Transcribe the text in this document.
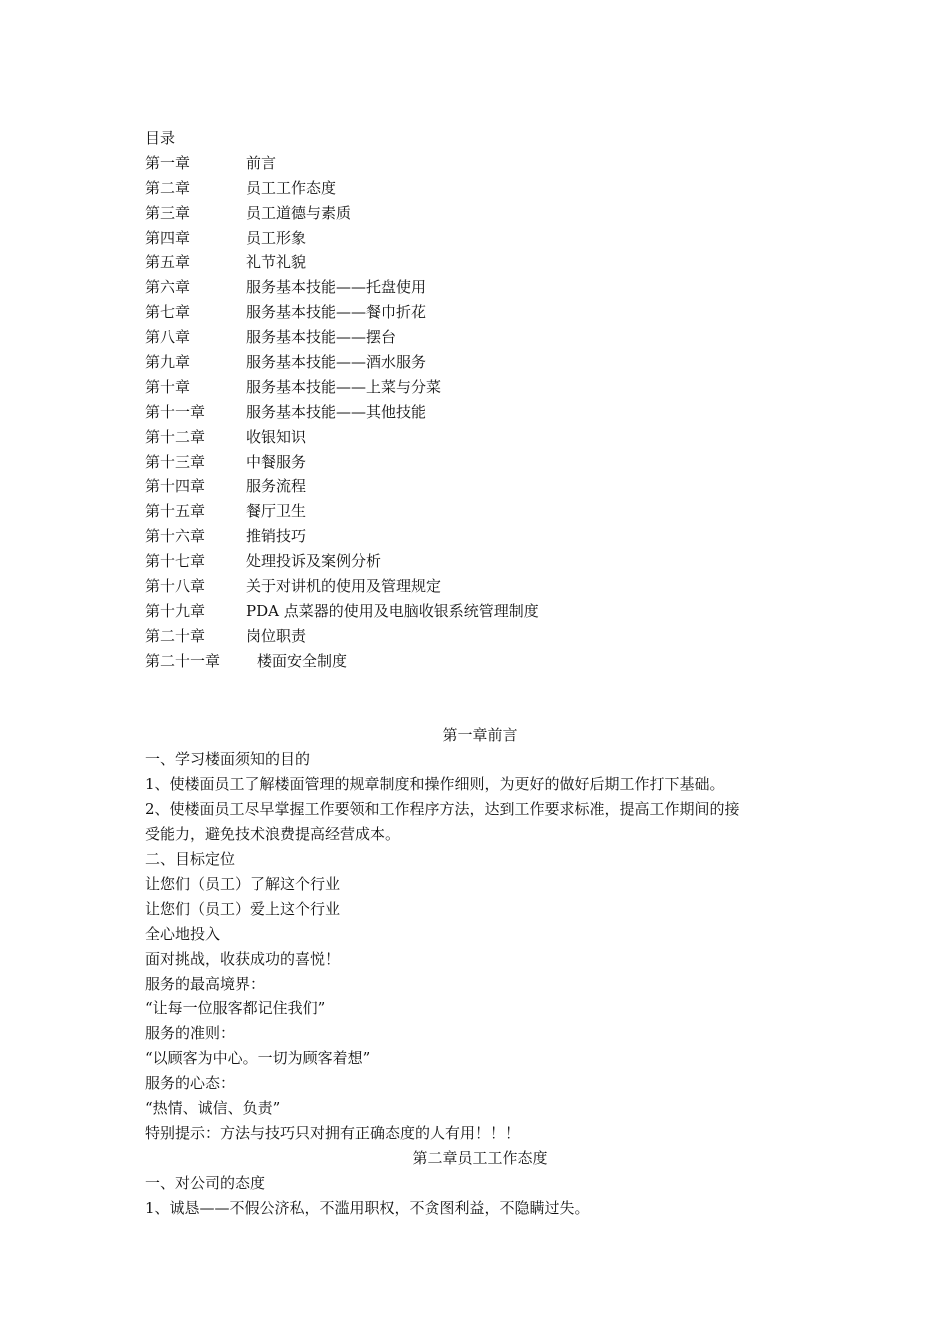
目录
第一章	前言
第二章	员工工作态度
第三章	员工道德与素质
第四章	员工形象
第五章	礼节礼貌
第六章	服务基本技能——托盘使用
第七章	服务基本技能——餐巾折花
第八章	服务基本技能——摆台
第九章	服务基本技能——酒水服务
第十章	服务基本技能——上菜与分菜
第十一章	服务基本技能——其他技能
第十二章	收银知识
第十三章	中餐服务
第十四章	服务流程
第十五章	餐厅卫生
第十六章	推销技巧
第十七章	处理投诉及案例分析
第十八章	关于对讲机的使用及管理规定
第十九章	PDA 点菜器的使用及电脑收银系统管理制度
第二十章	岗位职责
第二十一章	楼面安全制度
第一章前言
一、学习楼面须知的目的
1、使楼面员工了解楼面管理的规章制度和操作细则，为更好的做好后期工作打下基础。
2、使楼面员工尽早掌握工作要领和工作程序方法，达到工作要求标准，提高工作期间的接
受能力，避免技术浪费提高经营成本。
二、目标定位
让您们（员工）了解这个行业
让您们（员工）爱上这个行业
全心地投入
面对挑战，收获成功的喜悦！
服务的最高境界：
“让每一位服客都记住我们”
服务的准则：
“以顾客为中心。一切为顾客着想”
服务的心态：
“热情、诚信、负责”
特别提示：方法与技巧只对拥有正确态度的人有用！！！
第二章员工工作态度
一、对公司的态度
1、诚恳——不假公济私，不滥用职权，不贪图利益，不隐瞒过失。
